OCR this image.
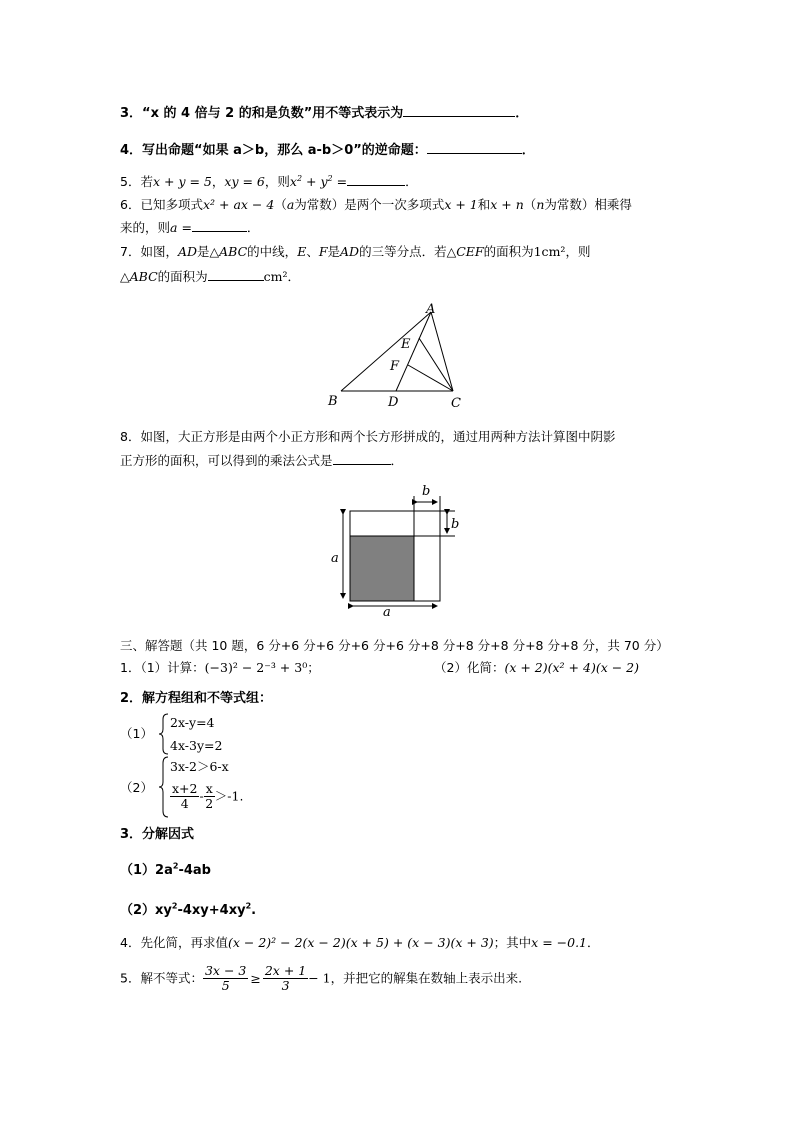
3．“x 的 4 倍与 2 的和是负数”用不等式表示为	．
4．写出命题“如果 a＞b，那么 a-b＞0”的逆命题：	．
5．若x + y = 5，xy = 6，则$x^2 + y^2$ =	．
6．已知多项式x² + ax − 4（a为常数）是两个一次多项式x + 1和x + n（n为常数）相乘得
来的，则a =	．
7．如图，AD是△ABC的中线，E、F是AD的三等分点．若△CEF的面积为1cm²，则
△ABC的面积为	cm²．
A
B	C
D
E
F
8．如图，大正方形是由两个小正方形和两个长方形拼成的，通过用两种方法计算图中阴影
正方形的面积，可以得到的乘法公式是	．
b
b
a
a
三、解答题（共 10 题，6 分+6 分+6 分+6 分+6 分+8 分+8 分+8 分+8 分+8 分，共 70 分）
1．（1）计算：(−3)² − 2⁻³ + 3⁰；	（2）化简：(x + 2)(x² + 4)(x − 2)
2．解方程组和不等式组：
（1）
2x-y=4
4x-3y=2
（2）
3x-2＞6-x
$\frac{x+2}{4} - \frac{x}{2} >-1$.
3．分解因式
$(1)2a^2-4ab$
$(2)xy^2-4xy+4xy^2$.
4．先化简，再求值(x − 2)² − 2(x − 2)(x + 5) + (x − 3)(x + 3)；其中x = −0.1．
5．解不等式： $\frac{3x - 3}{5} \ge \frac{2x + 1}{3} - 1$，并把它的解集在数轴上表示出来.
